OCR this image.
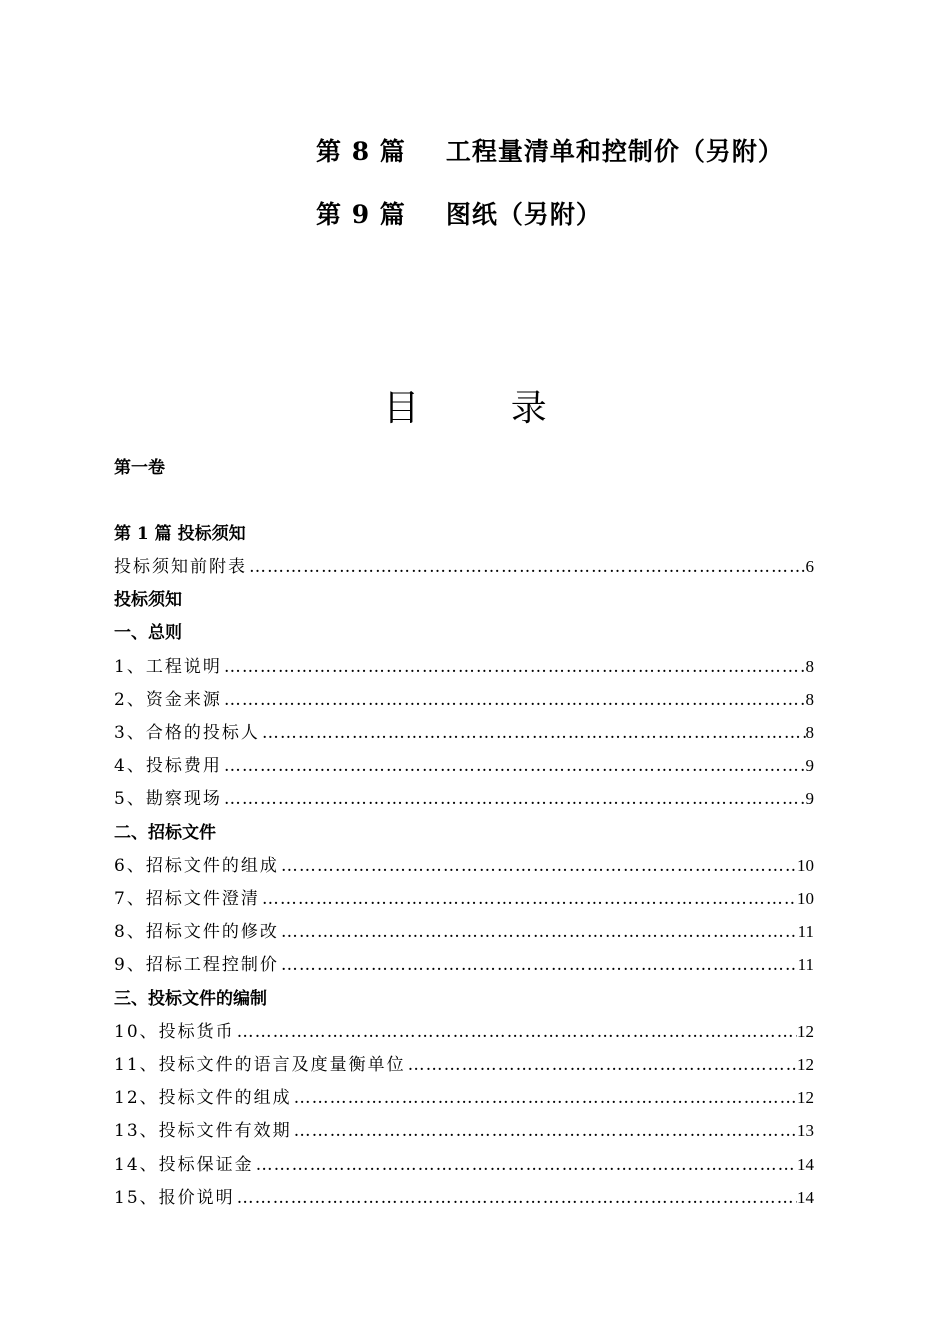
第 8 篇 工程量清单和控制价（另附）
第 9 篇 图纸（另附）
目 录
第一卷
第 1 篇 投标须知
投标须知前附表 ……………………………………………………………………………………………………………………………………………………………………………	6
投标须知
一、总则
1、工程说明 ……………………………………………………………………………………………………………………………………………………………………………	8
2、资金来源 ……………………………………………………………………………………………………………………………………………………………………………	8
3、合格的投标人 ……………………………………………………………………………………………………………………………………………………………………………	8
4、投标费用 ……………………………………………………………………………………………………………………………………………………………………………	9
5、勘察现场 ……………………………………………………………………………………………………………………………………………………………………………	9
二、招标文件
6、招标文件的组成 ……………………………………………………………………………………………………………………………………………………………………………	10
7、招标文件澄清 ……………………………………………………………………………………………………………………………………………………………………………	10
8、招标文件的修改 ……………………………………………………………………………………………………………………………………………………………………………	11
9、招标工程控制价 ……………………………………………………………………………………………………………………………………………………………………………	11
三、投标文件的编制
10、投标货币 ……………………………………………………………………………………………………………………………………………………………………………	12
11、投标文件的语言及度量衡单位 ……………………………………………………………………………………………………………………………………………………………………………	12
12、投标文件的组成 ……………………………………………………………………………………………………………………………………………………………………………	12
13、投标文件有效期 ……………………………………………………………………………………………………………………………………………………………………………	13
14、投标保证金 ……………………………………………………………………………………………………………………………………………………………………………	14
15、报价说明 ……………………………………………………………………………………………………………………………………………………………………………	14
